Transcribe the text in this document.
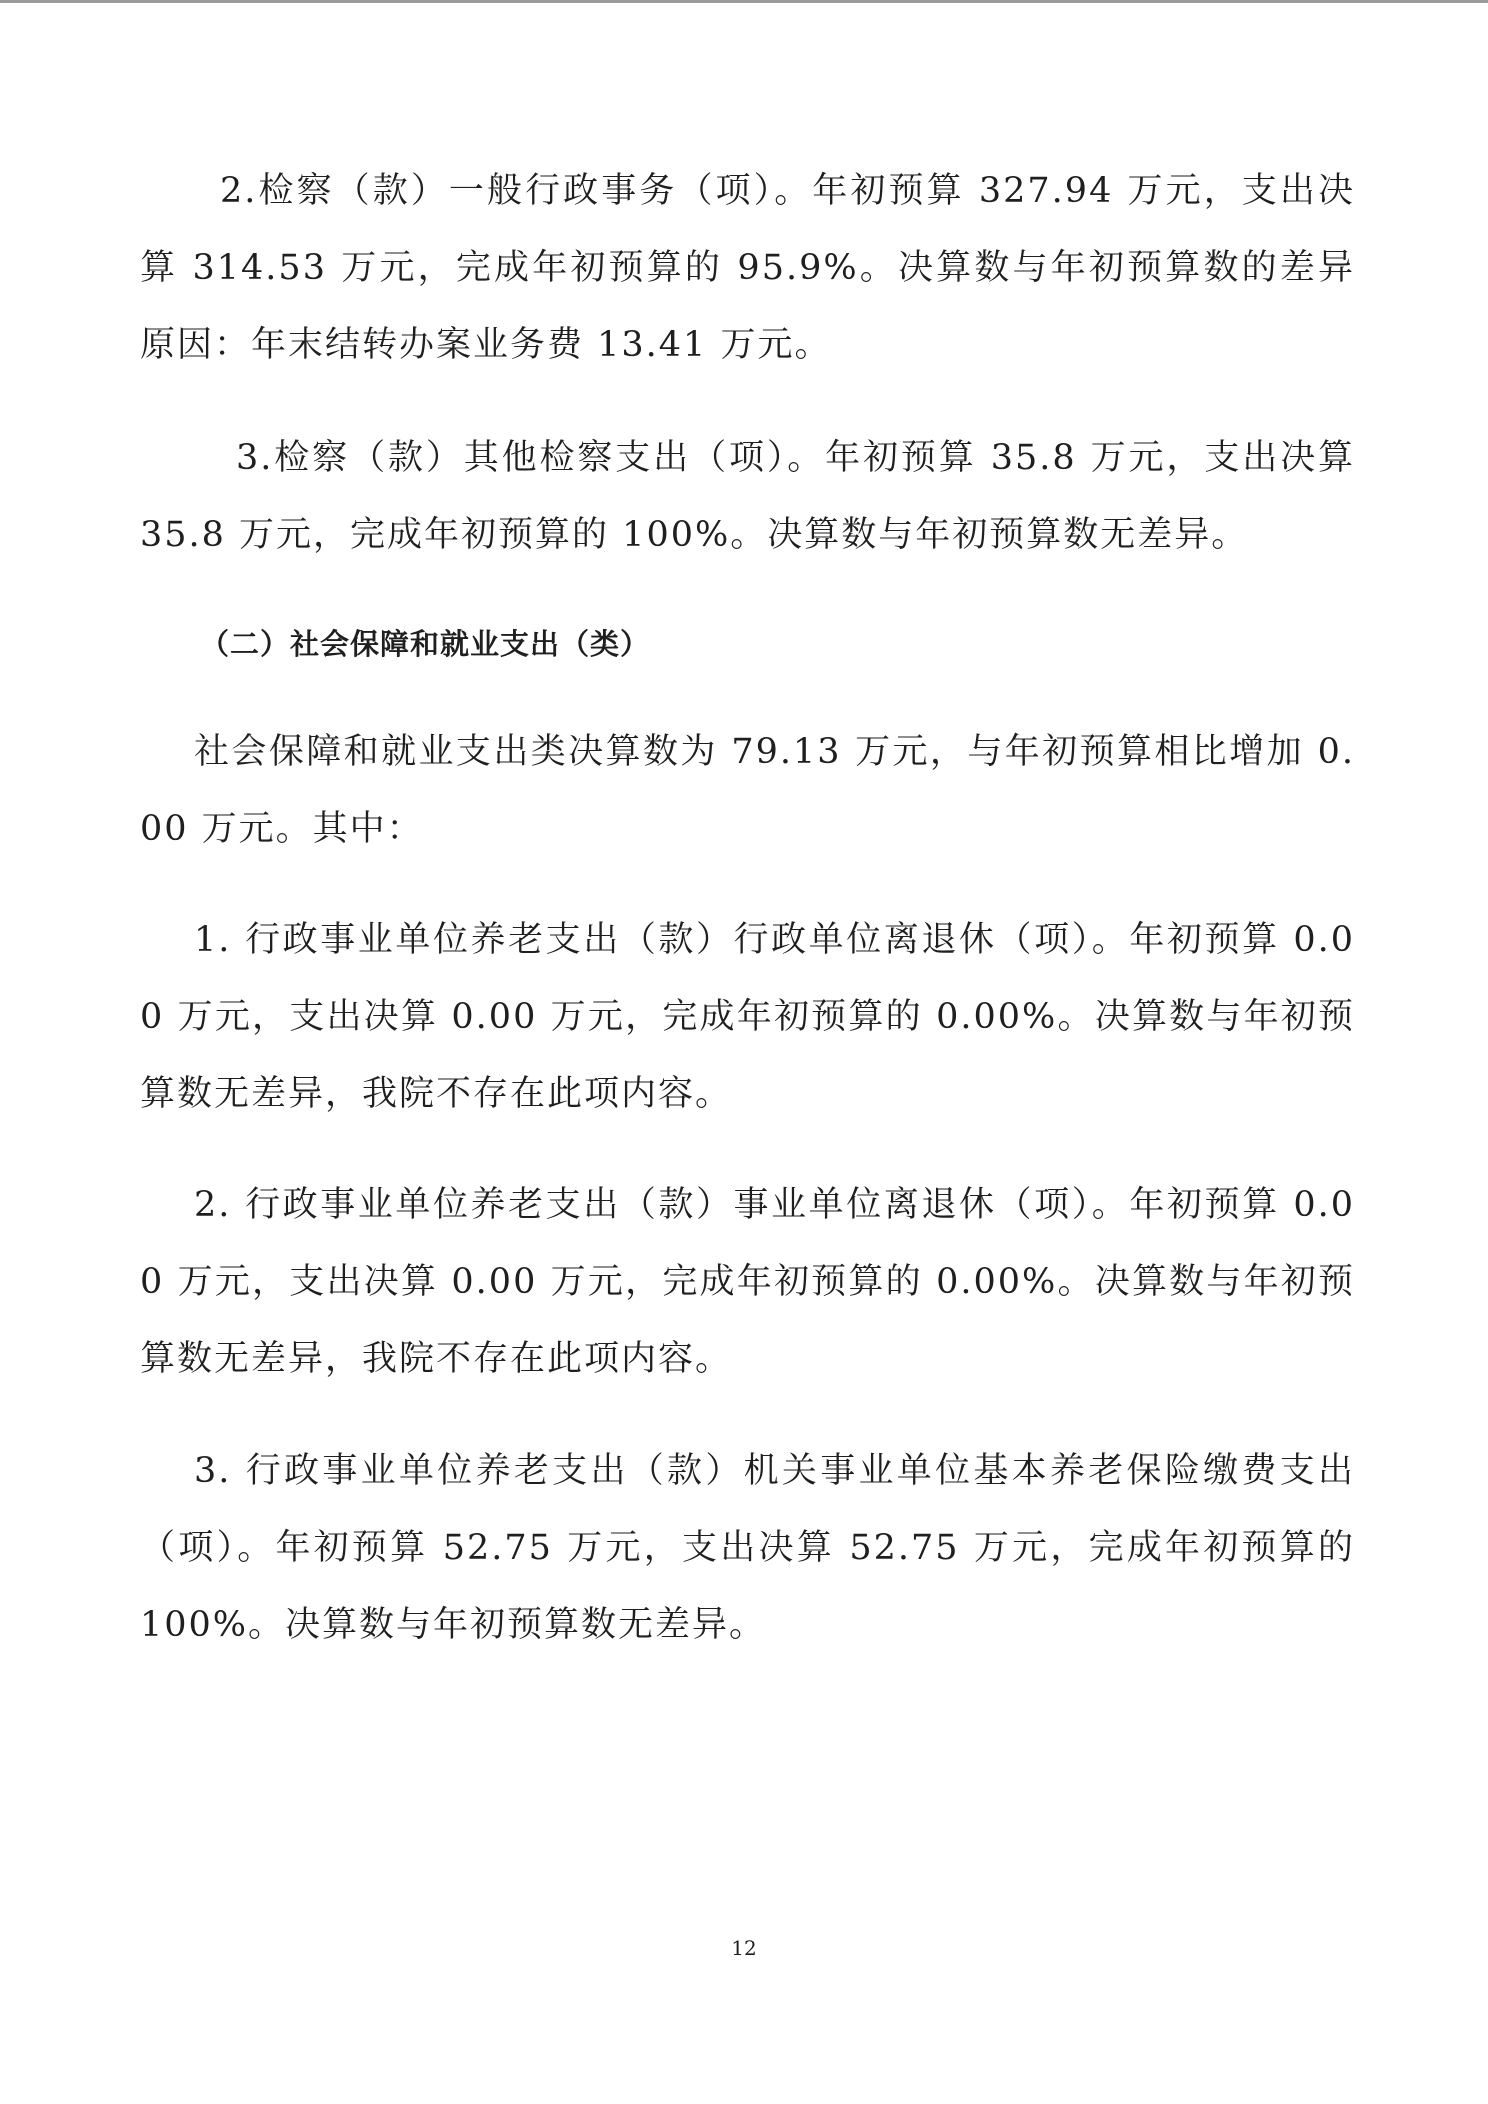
2.检察（款）一般行政事务（项）。年初预算 327.94 万元，支出决算 314.53 万元，完成年初预算的 95.9%。决算数与年初预算数的差异原因：年末结转办案业务费 13.41 万元。

3.检察（款）其他检察支出（项）。年初预算 35.8 万元，支出决算 35.8 万元，完成年初预算的 100%。决算数与年初预算数无差异。

（二）社会保障和就业支出（类）

社会保障和就业支出类决算数为 79.13 万元，与年初预算相比增加 0.00 万元。其中：

1. 行政事业单位养老支出（款）行政单位离退休（项）。年初预算 0.00 万元，支出决算 0.00 万元，完成年初预算的 0.00%。决算数与年初预算数无差异，我院不存在此项内容。

2. 行政事业单位养老支出（款）事业单位离退休（项）。年初预算 0.00 万元，支出决算 0.00 万元，完成年初预算的 0.00%。决算数与年初预算数无差异，我院不存在此项内容。

3. 行政事业单位养老支出（款）机关事业单位基本养老保险缴费支出（项）。年初预算 52.75 万元，支出决算 52.75 万元，完成年初预算的 100%。决算数与年初预算数无差异。

12
